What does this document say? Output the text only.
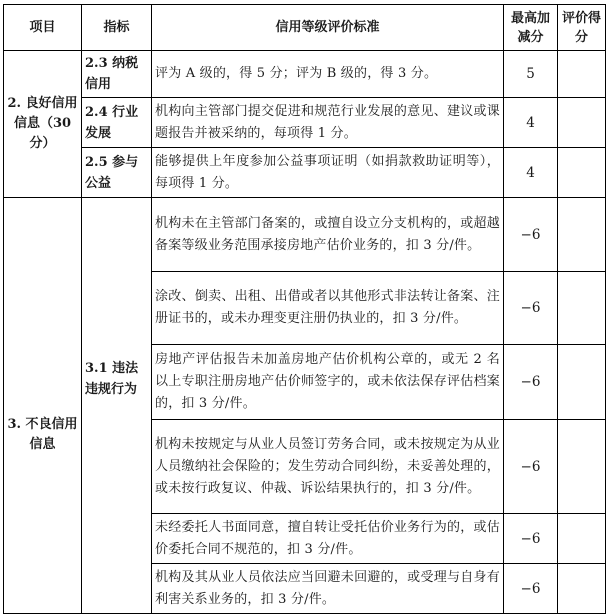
项目	指标	信用等级评价标准	最高加减分	评价得分
2. 良好信用信息（30 分）	2.3 纳税信用	评为 A 级的，得 5 分；评为 B 级的，得 3 分。	5	
	2.4 行业发展	机构向主管部门提交促进和规范行业发展的意见、建议或课题报告并被采纳的，每项得 1 分。	4	
	2.5 参与公益	能够提供上年度参加公益事项证明（如捐款救助证明等），每项得 1 分。	4	
3. 不良信用信息	3.1 违法违规行为	机构未在主管部门备案的，或擅自设立分支机构的，或超越备案等级业务范围承接房地产估价业务的，扣 3 分/件。	−6	
		涂改、倒卖、出租、出借或者以其他形式非法转让备案、注册证书的，或未办理变更注册仍执业的，扣 3 分/件。	−6	
		房地产评估报告未加盖房地产估价机构公章的，或无 2 名以上专职注册房地产估价师签字的，或未依法保存评估档案的，扣 3 分/件。	−6	
		机构未按规定与从业人员签订劳务合同，或未按规定为从业人员缴纳社会保险的；发生劳动合同纠纷，未妥善处理的，或未按行政复议、仲裁、诉讼结果执行的，扣 3 分/件。	−6	
		未经委托人书面同意，擅自转让受托估价业务行为的，或估价委托合同不规范的，扣 3 分/件。	−6	
		机构及其从业人员依法应当回避未回避的，或受理与自身有利害关系业务的，扣 3 分/件。	−6	
